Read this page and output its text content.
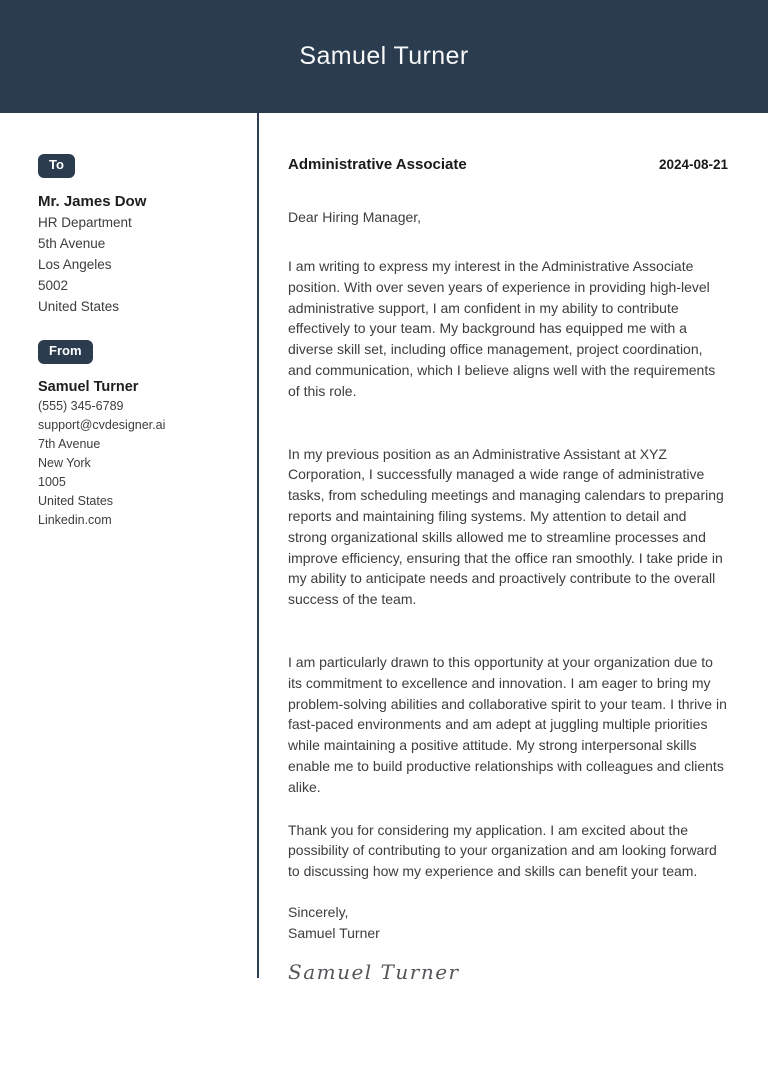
Samuel Turner
To
Mr. James Dow
HR Department
5th Avenue
Los Angeles
5002
United States
From
Samuel Turner
(555) 345-6789
support@cvdesigner.ai
7th Avenue
New York
1005
United States
Linkedin.com
Administrative Associate	2024-08-21
Dear Hiring Manager,

I am writing to express my interest in the Administrative Associate position. With over seven years of experience in providing high-level administrative support, I am confident in my ability to contribute effectively to your team. My background has equipped me with a diverse skill set, including office management, project coordination, and communication, which I believe aligns well with the requirements of this role.

In my previous position as an Administrative Assistant at XYZ Corporation, I successfully managed a wide range of administrative tasks, from scheduling meetings and managing calendars to preparing reports and maintaining filing systems. My attention to detail and strong organizational skills allowed me to streamline processes and improve efficiency, ensuring that the office ran smoothly. I take pride in my ability to anticipate needs and proactively contribute to the overall success of the team.

I am particularly drawn to this opportunity at your organization due to its commitment to excellence and innovation. I am eager to bring my problem-solving abilities and collaborative spirit to your team. I thrive in fast-paced environments and am adept at juggling multiple priorities while maintaining a positive attitude. My strong interpersonal skills enable me to build productive relationships with colleagues and clients alike.

Thank you for considering my application. I am excited about the possibility of contributing to your organization and am looking forward to discussing how my experience and skills can benefit your team.

Sincerely,
Samuel Turner
Samuel Turner
